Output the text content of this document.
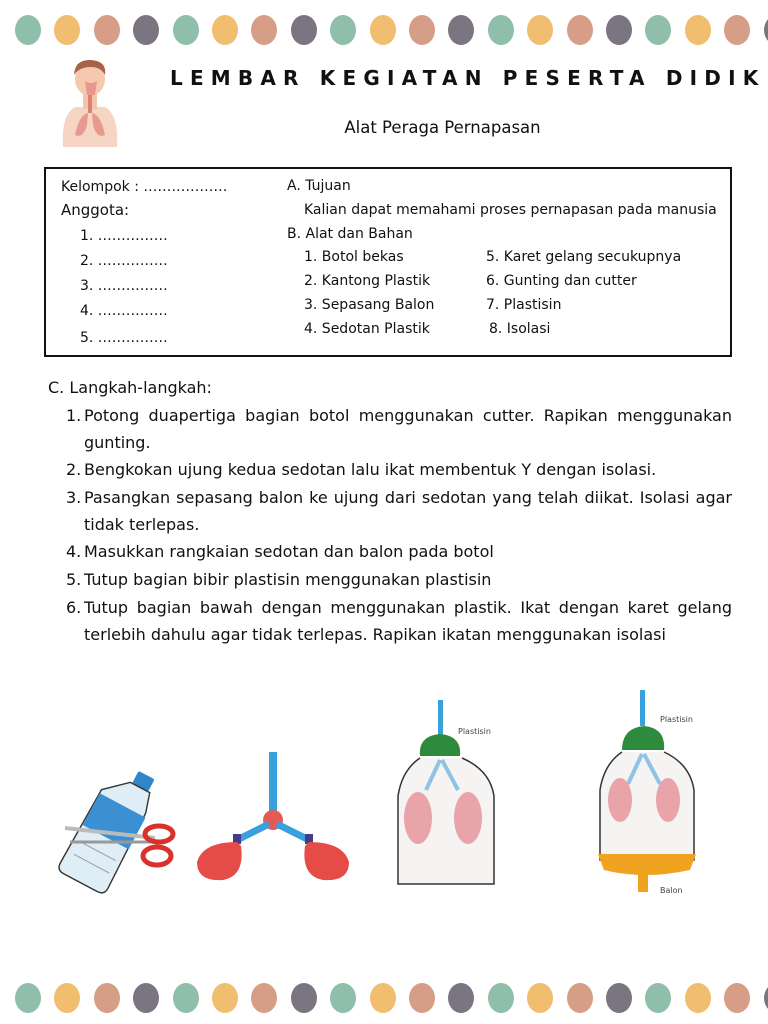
LEMBAR KEGIATAN PESERTA DIDIK
Alat Peraga Pernapasan
Kelompok : ………………
Anggota:
1. ……………
2. ……………
3. ……………
4. ……………
5. ……………
A. Tujuan
Kalian dapat memahami proses pernapasan pada manusia
B. Alat dan Bahan
1. Botol bekas
2. Kantong Plastik
3. Sepasang Balon
4. Sedotan Plastik
5. Karet gelang secukupnya
6. Gunting dan cutter
7. Plastisin
8. Isolasi
C. Langkah-langkah:
1. Potong duapertiga bagian botol menggunakan cutter. Rapikan menggunakan gunting.
2. Bengkokan ujung kedua sedotan lalu ikat membentuk Y dengan isolasi.
3. Pasangkan sepasang balon ke ujung dari sedotan yang telah diikat. Isolasi agar tidak terlepas.
4. Masukkan rangkaian sedotan dan balon pada botol
5. Tutup bagian bibir plastisin menggunakan plastisin
6. Tutup bagian bawah dengan menggunakan plastik. Ikat dengan karet gelang terlebih dahulu agar tidak terlepas. Rapikan ikatan menggunakan isolasi
Plastisin
Plastisin
Balon
